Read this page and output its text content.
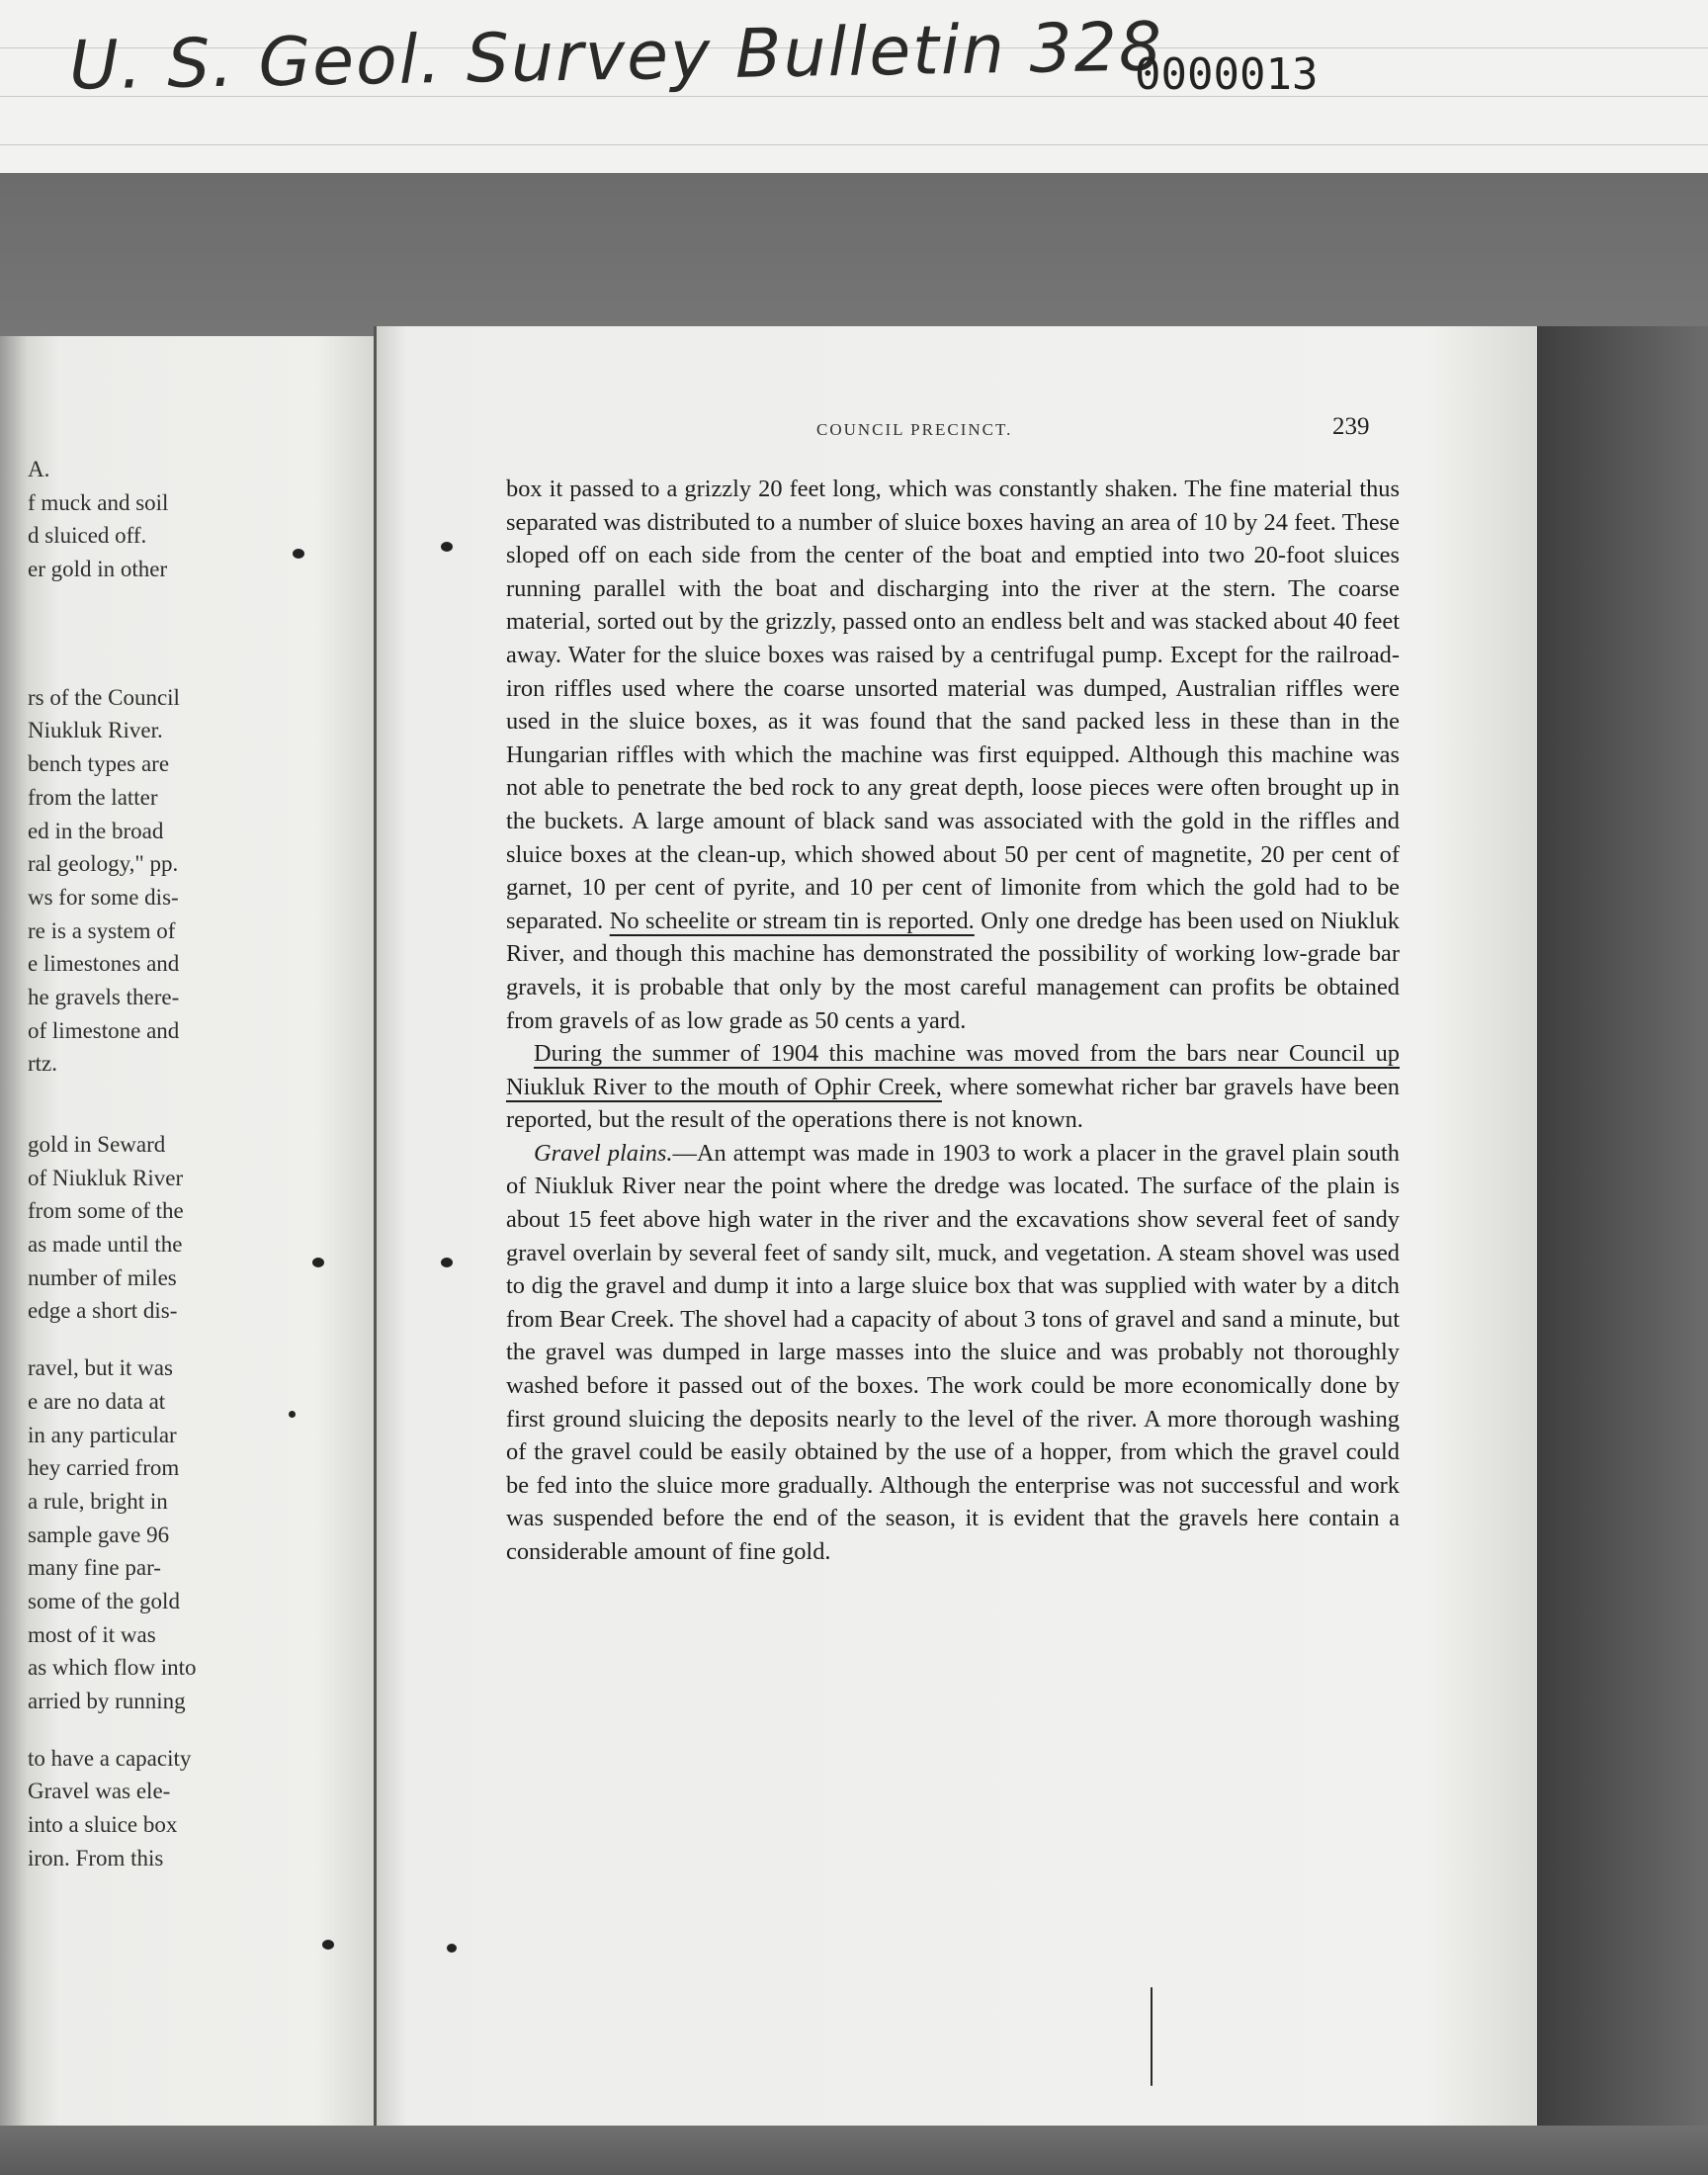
U. S. Geol. Survey Bulletin 328
0000013
A.
f muck and soil
d sluiced off.
er gold in other
rs of the Council
Niukluk River.
bench types are
from the latter
ed in the broad
ral geology," pp.
ws for some dis-
re is a system of
e limestones and
he gravels there-
of limestone and
rtz.
gold in Seward
of Niukluk River
from some of the
as made until the
number of miles
edge a short dis-
ravel, but it was
e are no data at
in any particular
hey carried from
a rule, bright in
sample gave 96
many fine par-
some of the gold
most of it was
as which flow into
arried by running
to have a capacity
Gravel was ele-
into a sluice box
iron. From this
COUNCIL PRECINCT.	239

box it passed to a grizzly 20 feet long, which was constantly shaken. The fine material thus separated was distributed to a number of sluice boxes having an area of 10 by 24 feet. These sloped off on each side from the center of the boat and emptied into two 20-foot sluices running parallel with the boat and discharging into the river at the stern. The coarse material, sorted out by the grizzly, passed onto an endless belt and was stacked about 40 feet away. Water for the sluice boxes was raised by a centrifugal pump. Except for the railroad-iron riffles used where the coarse unsorted material was dumped, Australian riffles were used in the sluice boxes, as it was found that the sand packed less in these than in the Hungarian riffles with which the machine was first equipped. Although this machine was not able to penetrate the bed rock to any great depth, loose pieces were often brought up in the buckets. A large amount of black sand was associated with the gold in the riffles and sluice boxes at the clean-up, which showed about 50 per cent of magnetite, 20 per cent of garnet, 10 per cent of pyrite, and 10 per cent of limonite from which the gold had to be separated. No scheelite or stream tin is reported. Only one dredge has been used on Niukluk River, and though this machine has demonstrated the possibility of working low-grade bar gravels, it is probable that only by the most careful management can profits be obtained from gravels of as low grade as 50 cents a yard.

During the summer of 1904 this machine was moved from the bars near Council up Niukluk River to the mouth of Ophir Creek, where somewhat richer bar gravels have been reported, but the result of the operations there is not known.

Gravel plains.—An attempt was made in 1903 to work a placer in the gravel plain south of Niukluk River near the point where the dredge was located. The surface of the plain is about 15 feet above high water in the river and the excavations show several feet of sandy gravel overlain by several feet of sandy silt, muck, and vegetation. A steam shovel was used to dig the gravel and dump it into a large sluice box that was supplied with water by a ditch from Bear Creek. The shovel had a capacity of about 3 tons of gravel and sand a minute, but the gravel was dumped in large masses into the sluice and was probably not thoroughly washed before it passed out of the boxes. The work could be more economically done by first ground sluicing the deposits nearly to the level of the river. A more thorough washing of the gravel could be easily obtained by the use of a hopper, from which the gravel could be fed into the sluice more gradually. Although the enterprise was not successful and work was suspended before the end of the season, it is evident that the gravels here contain a considerable amount of fine gold.
